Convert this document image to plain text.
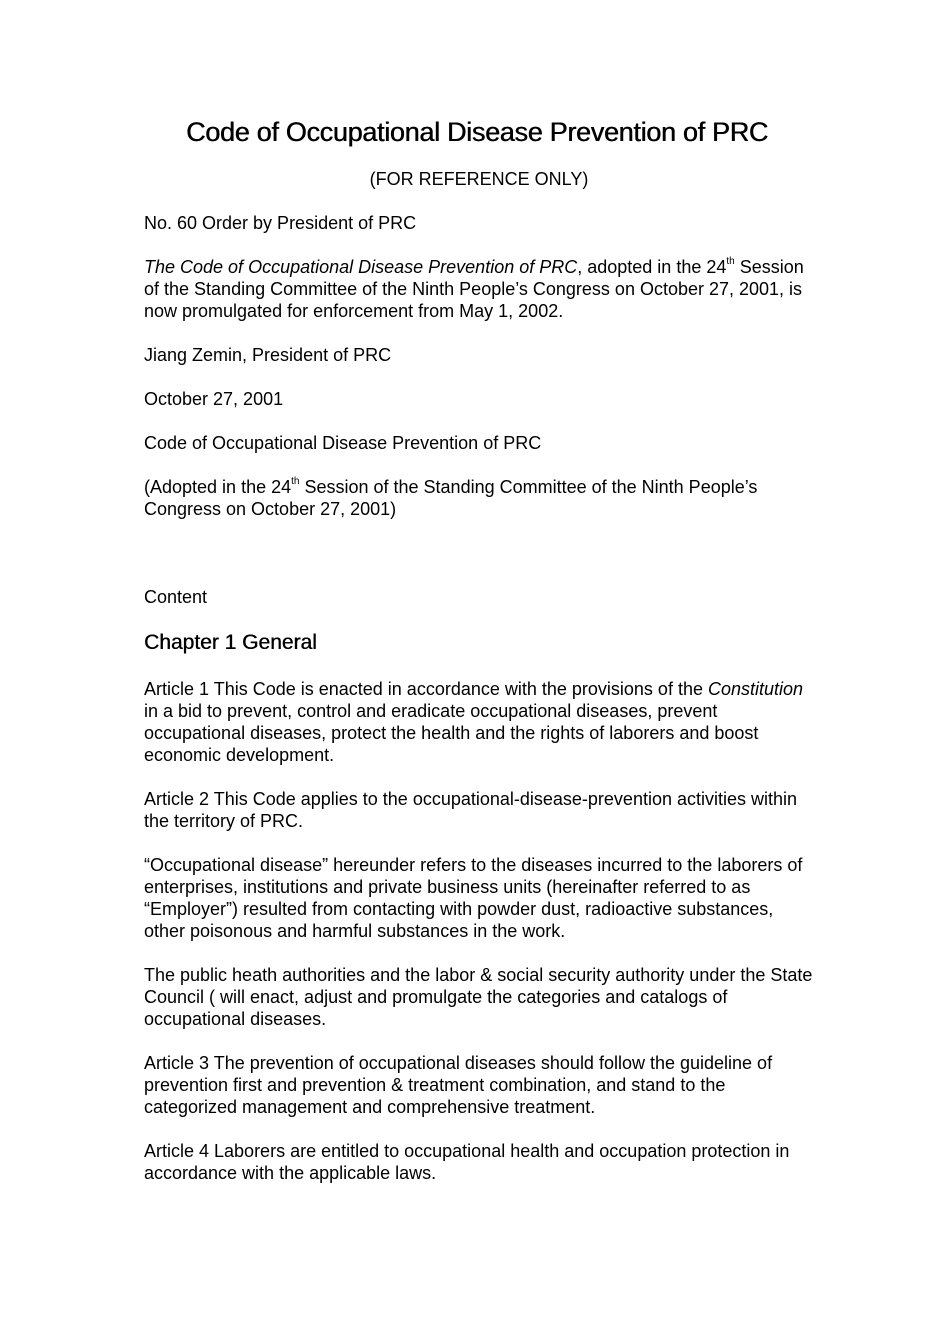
Code of Occupational Disease Prevention of PRC

(FOR REFERENCE ONLY)

No. 60 Order by President of PRC

The Code of Occupational Disease Prevention of PRC, adopted in the 24th Session of the Standing Committee of the Ninth People’s Congress on October 27, 2001, is now promulgated for enforcement from May 1, 2002.

Jiang Zemin, President of PRC

October 27, 2001

Code of Occupational Disease Prevention of PRC

(Adopted in the 24th Session of the Standing Committee of the Ninth People’s Congress on October 27, 2001)

Content

Chapter 1 General

Article 1 This Code is enacted in accordance with the provisions of the Constitution in a bid to prevent, control and eradicate occupational diseases, prevent occupational diseases, protect the health and the rights of laborers and boost economic development.

Article 2 This Code applies to the occupational-disease-prevention activities within the territory of PRC.

“Occupational disease” hereunder refers to the diseases incurred to the laborers of enterprises, institutions and private business units (hereinafter referred to as “Employer”) resulted from contacting with powder dust, radioactive substances, other poisonous and harmful substances in the work.

The public heath authorities and the labor & social security authority under the State Council ( will enact, adjust and promulgate the categories and catalogs of occupational diseases.

Article 3 The prevention of occupational diseases should follow the guideline of prevention first and prevention & treatment combination, and stand to the categorized management and comprehensive treatment.

Article 4 Laborers are entitled to occupational health and occupation protection in accordance with the applicable laws.
